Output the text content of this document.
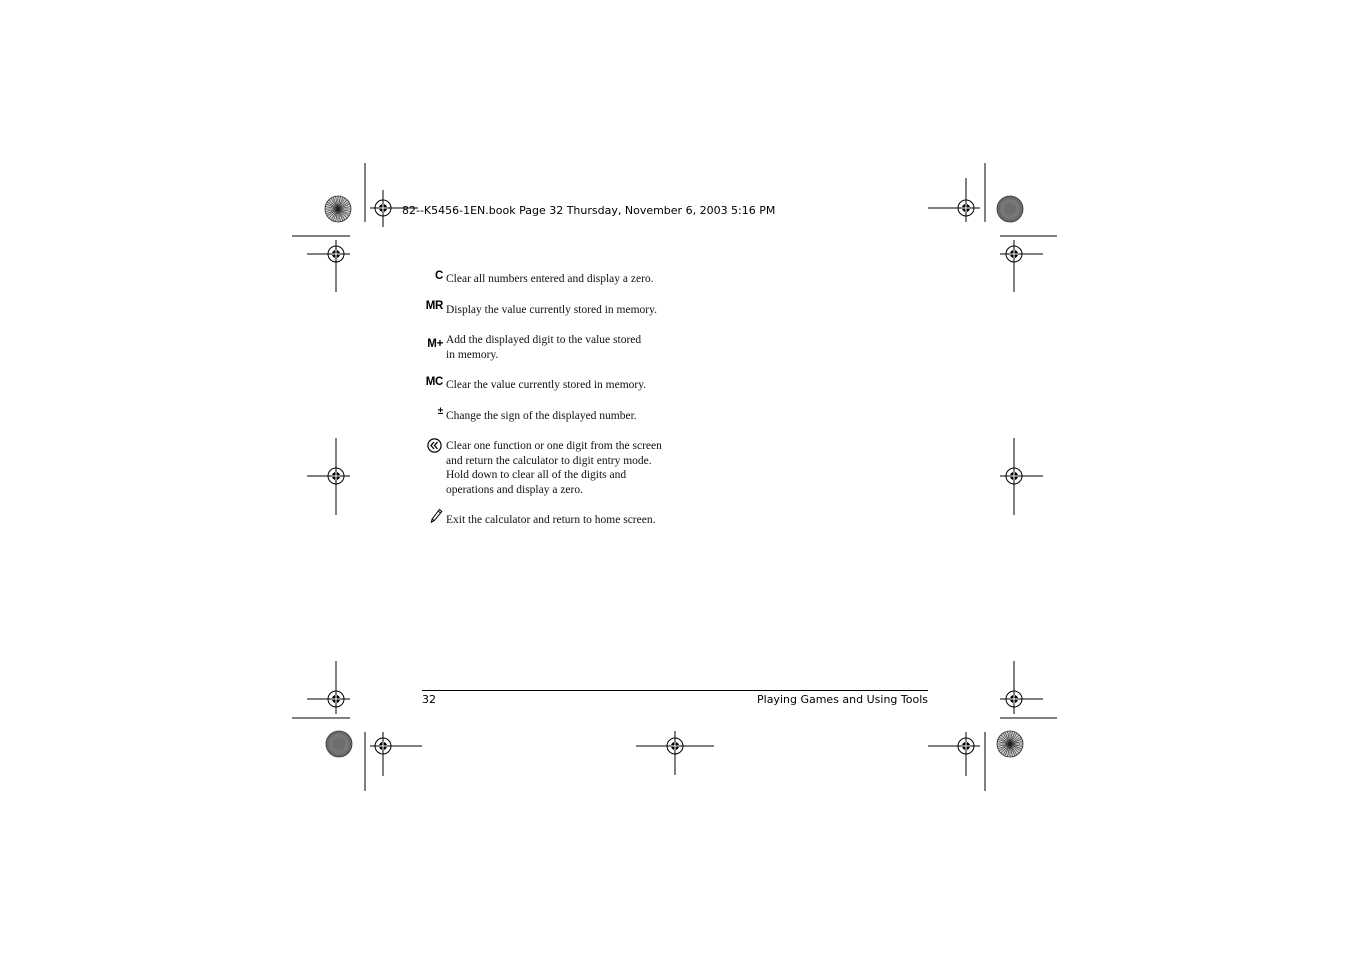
82--K5456-1EN.book Page 32 Thursday, November 6, 2003 5:16 PM
C Clear all numbers entered and display a zero.
MR Display the value currently stored in memory.
M+ Add the displayed digit to the value stored
in memory.
MC Clear the value currently stored in memory.
± Change the sign of the displayed number.
Clear one function or one digit from the screen
and return the calculator to digit entry mode.
Hold down to clear all of the digits and
operations and display a zero.
Exit the calculator and return to home screen.
32	Playing Games and Using Tools
